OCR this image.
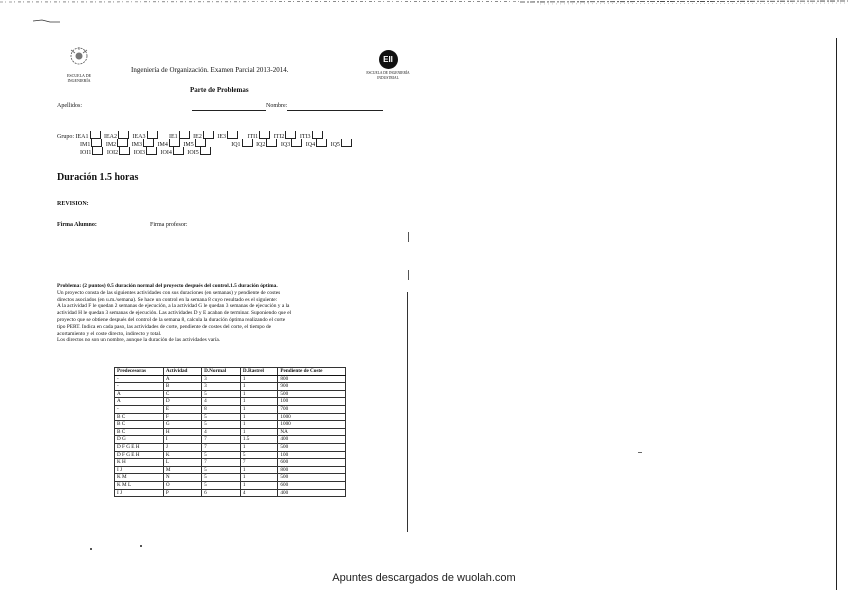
ESCUELA DE INGENIERÍA
Ingeniería de Organización. Examen Parcial 2013-2014.
Parte de Problemas
EII
ESCUELA DE INGENIERÍA INDUSTRIAL
Apellidos:	Nombre:
Grupo: IEA1	IEA2	IEA3	IE1	IE2	IE3	ITI1	ITI2	ITI3
IM1	IM2	IM3	IM4	IM5	IQ1	IQ2	IQ3	IQ4	IQ5
IOI1	IOI2	IOI3	IOI4	IOI5
Duración 1.5 horas
REVISION:
Firma Alumno:	Firma profesor:
Problema: (2 puntos) 0.5 duración normal del proyecto después del control.1.5 duración óptima.
Un proyecto consta de las siguientes actividades con sus duraciones (en semanas) y pendiente de costes
directos asociados (en u.m./semana). Se hace un control en la semana 8 cuyo resultado es el siguiente:
A la actividad F le quedan 2 semanas de ejecución, a la actividad G le quedan 3 semanas de ejecución y a la
actividad H le quedan 3 semanas de ejecución. Las actividades D y E acaban de terminar. Suponiendo que el
proyecto que se obtiene después del control de la semana 8, calcula la duración óptima realizando el corte
tipo PERT. Indica en cada paso, las actividades de corte, pendiente de costes del corte, el tiempo de
acortamiento y el coste directo, indirecto y total.
Los directos no son un nombre, aunque la duración de las actividades varía.
Predecesoras	Actividad	D.Normal	D.Rastrel	Pendiente de Coste
-	A	3	1	800
-	B	3	1	900
A	C	5	1	500
A	D	4	1	100
-	E	8	1	700
B C	F	5	1	1000
B C	G	5	1	1000
B C	H	4	1	NA
D G	I	7	1.5	400
D F G E H	J	7	1	500
D F G E H	K	5	5	100
K H	L	7	7	600
I J	M	5	1	800
K M	N	5	1	500
K M L	O	5	1	600
I J	P	6	4	400
Apuntes descargados de wuolah.com
